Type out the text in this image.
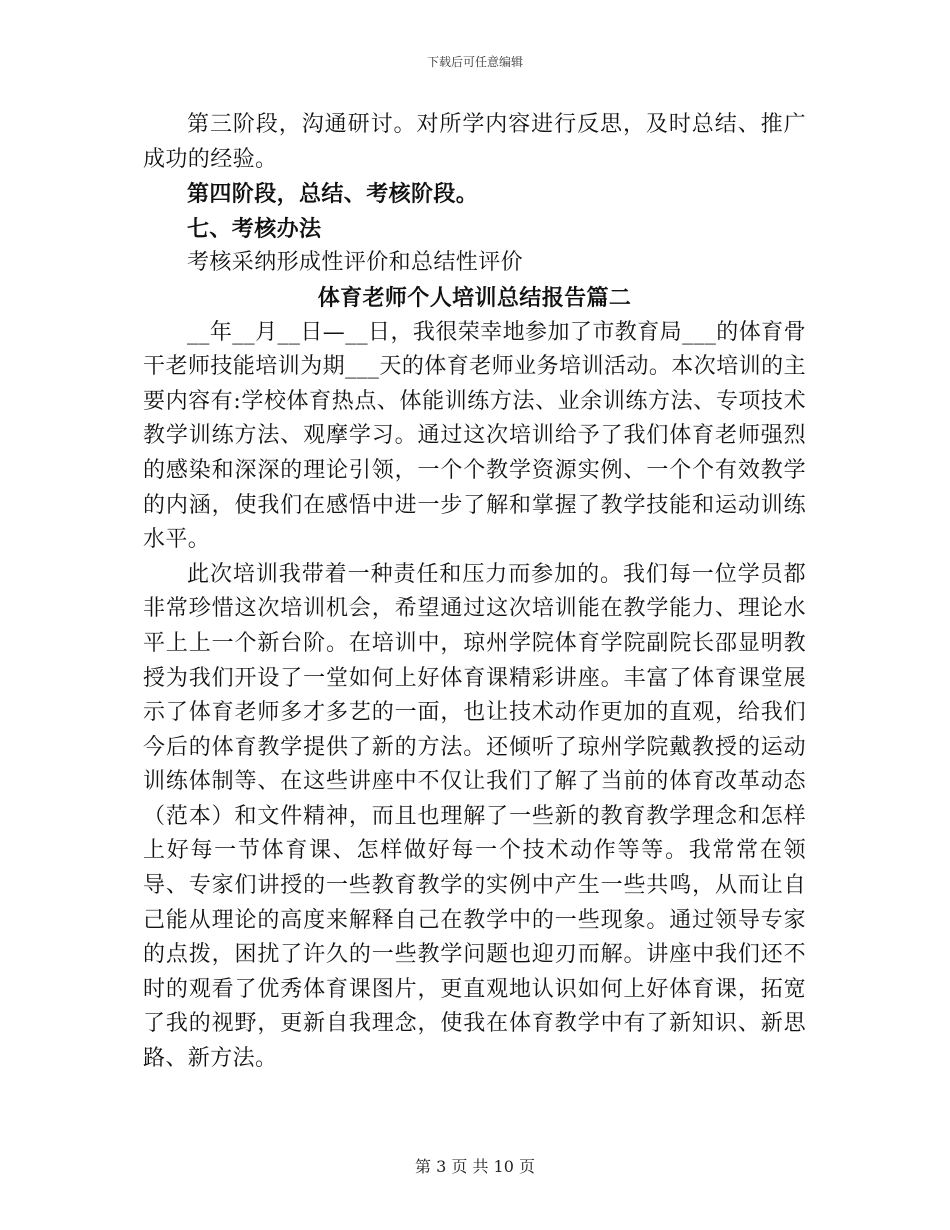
下载后可任意编辑

第三阶段，沟通研讨。对所学内容进行反思，及时总结、推广成功的经验。

第四阶段，总结、考核阶段。

七、考核办法

考核采纳形成性评价和总结性评价

体育老师个人培训总结报告篇二

__年__月__日—__日，我很荣幸地参加了市教育局___的体育骨干老师技能培训为期___天的体育老师业务培训活动。本次培训的主要内容有:学校体育热点、体能训练方法、业余训练方法、专项技术教学训练方法、观摩学习。通过这次培训给予了我们体育老师强烈的感染和深深的理论引领，一个个教学资源实例、一个个有效教学的内涵，使我们在感悟中进一步了解和掌握了教学技能和运动训练水平。

此次培训我带着一种责任和压力而参加的。我们每一位学员都非常珍惜这次培训机会，希望通过这次培训能在教学能力、理论水平上上一个新台阶。在培训中，琼州学院体育学院副院长邵显明教授为我们开设了一堂如何上好体育课精彩讲座。丰富了体育课堂展示了体育老师多才多艺的一面，也让技术动作更加的直观，给我们今后的体育教学提供了新的方法。还倾听了琼州学院戴教授的运动训练体制等、在这些讲座中不仅让我们了解了当前的体育改革动态（范本）和文件精神，而且也理解了一些新的教育教学理念和怎样上好每一节体育课、怎样做好每一个技术动作等等。我常常在领导、专家们讲授的一些教育教学的实例中产生一些共鸣，从而让自己能从理论的高度来解释自己在教学中的一些现象。通过领导专家的点拨，困扰了许久的一些教学问题也迎刃而解。讲座中我们还不时的观看了优秀体育课图片，更直观地认识如何上好体育课，拓宽了我的视野，更新自我理念，使我在体育教学中有了新知识、新思路、新方法。

第 3 页 共 10 页
